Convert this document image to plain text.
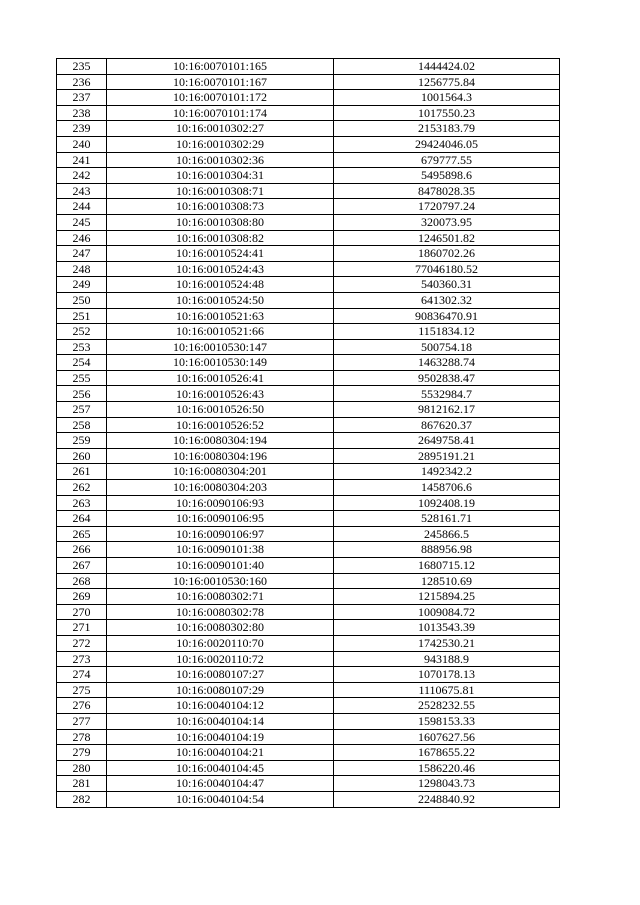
235	10:16:0070101:165	1444424.02
236	10:16:0070101:167	1256775.84
237	10:16:0070101:172	1001564.3
238	10:16:0070101:174	1017550.23
239	10:16:0010302:27	2153183.79
240	10:16:0010302:29	29424046.05
241	10:16:0010302:36	679777.55
242	10:16:0010304:31	5495898.6
243	10:16:0010308:71	8478028.35
244	10:16:0010308:73	1720797.24
245	10:16:0010308:80	320073.95
246	10:16:0010308:82	1246501.82
247	10:16:0010524:41	1860702.26
248	10:16:0010524:43	77046180.52
249	10:16:0010524:48	540360.31
250	10:16:0010524:50	641302.32
251	10:16:0010521:63	90836470.91
252	10:16:0010521:66	1151834.12
253	10:16:0010530:147	500754.18
254	10:16:0010530:149	1463288.74
255	10:16:0010526:41	9502838.47
256	10:16:0010526:43	5532984.7
257	10:16:0010526:50	9812162.17
258	10:16:0010526:52	867620.37
259	10:16:0080304:194	2649758.41
260	10:16:0080304:196	2895191.21
261	10:16:0080304:201	1492342.2
262	10:16:0080304:203	1458706.6
263	10:16:0090106:93	1092408.19
264	10:16:0090106:95	528161.71
265	10:16:0090106:97	245866.5
266	10:16:0090101:38	888956.98
267	10:16:0090101:40	1680715.12
268	10:16:0010530:160	128510.69
269	10:16:0080302:71	1215894.25
270	10:16:0080302:78	1009084.72
271	10:16:0080302:80	1013543.39
272	10:16:0020110:70	1742530.21
273	10:16:0020110:72	943188.9
274	10:16:0080107:27	1070178.13
275	10:16:0080107:29	1110675.81
276	10:16:0040104:12	2528232.55
277	10:16:0040104:14	1598153.33
278	10:16:0040104:19	1607627.56
279	10:16:0040104:21	1678655.22
280	10:16:0040104:45	1586220.46
281	10:16:0040104:47	1298043.73
282	10:16:0040104:54	2248840.92
